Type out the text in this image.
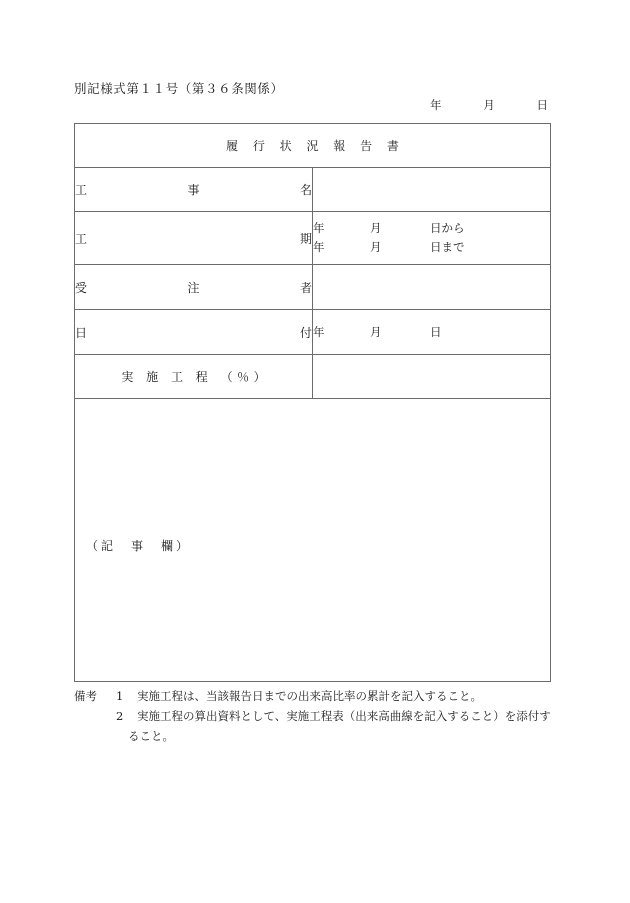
別記様式第１１号（第３６条関係）
年	月	日
履 行 状 況 報 告 書	

工 事 名	

工	期

年	月	日から
年	月	日まで

受 注 者	

日 付	年 月 日

実 施 工 程 （％）	

（記　事　欄）	
備考	1	実施工程は、当該報告日までの出来高比率の累計を記入すること。
2	実施工程の算出資料として、実施工程表（出来高曲線を記入すること）を添付す
ること。
